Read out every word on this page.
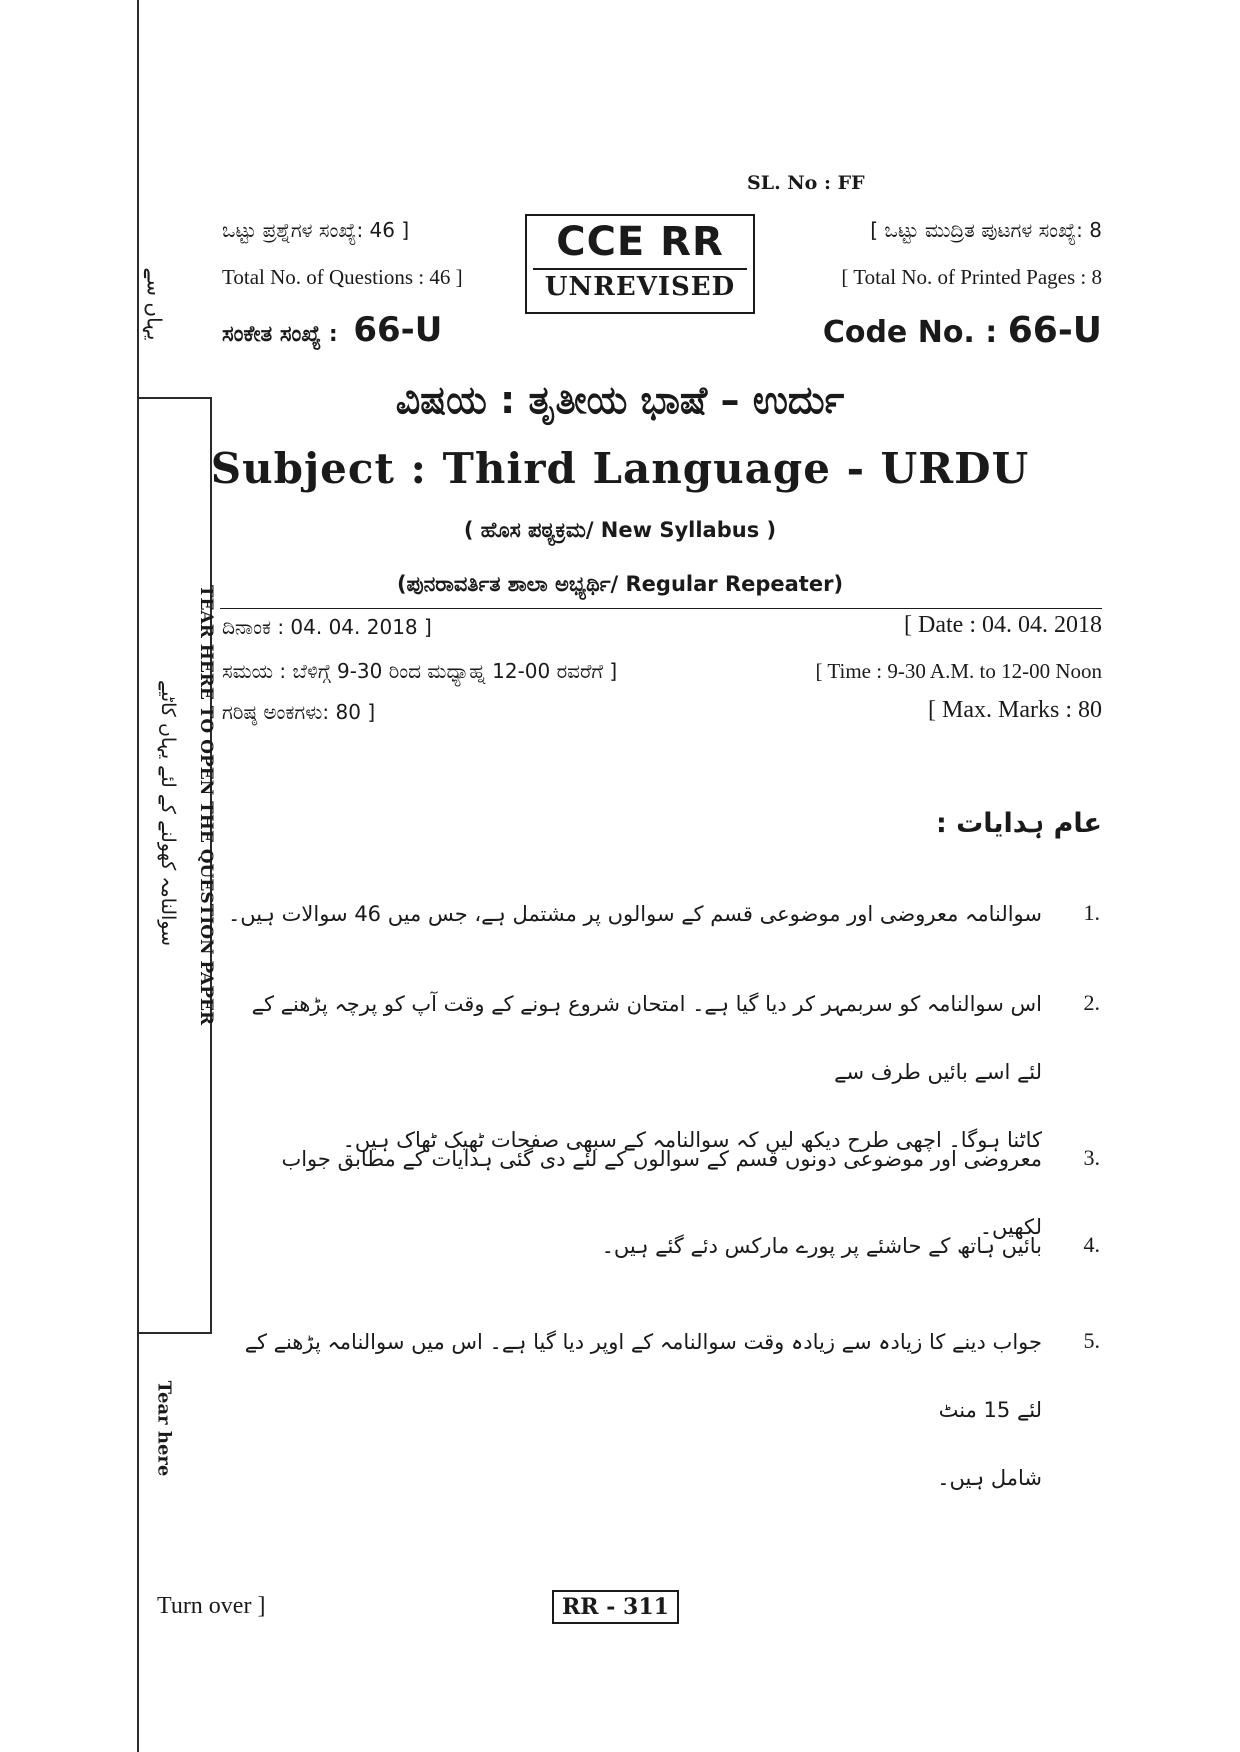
یہاں سے
TEAR HERE TO OPEN THE QUESTION PAPER
سوالنامہ کھولنے کے لئے یہاں کاٹیے
Tear here
SL. No : FF
ಒಟ್ಟು ಪ್ರಶ್ನೆಗಳ ಸಂಖ್ಯೆ: 46 ]
Total No. of Questions : 46 ]
[ ಒಟ್ಟು ಮುದ್ರಿತ ಪುಟಗಳ ಸಂಖ್ಯೆ: 8
[ Total No. of Printed Pages : 8
CCE RR
UNREVISED
ಸಂಕೇತ ಸಂಖ್ಯೆ : 66-U	Code No. : 66-U
ವಿಷಯ : ತೃತೀಯ ಭಾಷೆ – ಉರ್ದು
Subject : Third Language - URDU
( ಹೊಸ ಪಠ್ಯಕ್ರಮ/ New Syllabus )
(ಪುನರಾವರ್ತಿತ ಶಾಲಾ ಅಭ್ಯರ್ಥಿ/ Regular Repeater)
ದಿನಾಂಕ : 04. 04. 2018 ]	[ Date : 04. 04. 2018
ಸಮಯ : ಬೆಳಿಗ್ಗೆ 9-30 ರಿಂದ ಮಧ್ಯಾಹ್ನ 12-00 ರವರೆಗೆ ]	[ Time : 9-30 A.M. to 12-00 Noon
ಗರಿಷ್ಠ ಅಂಕಗಳು: 80 ]	[ Max. Marks : 80
عام ہدایات :
1.

سوالنامہ معروضی اور موضوعی قسم کے سوالوں پر مشتمل ہے، جس میں 46 سوالات ہیں۔

2.

اس سوالنامہ کو سربمہر کر دیا گیا ہے۔ امتحان شروع ہونے کے وقت آپ کو پرچہ پڑھنے کے لئے اسے بائیں طرف سے

کاٹنا ہوگا۔ اچھی طرح دیکھ لیں کہ سوالنامہ کے سبھی صفحات ٹھیک ٹھاک ہیں۔

3.

معروضی اور موضوعی دونوں قسم کے سوالوں کے لئے دی گئی ہدایات کے مطابق جواب لکھیں۔

4.

بائیں ہاتھ کے حاشئے پر پورے مارکس دئے گئے ہیں۔

5.

جواب دینے کا زیادہ سے زیادہ وقت سوالنامہ کے اوپر دیا گیا ہے۔ اس میں سوالنامہ پڑھنے کے لئے 15 منٹ

شامل ہیں۔

Turn over ]	RR - 311
